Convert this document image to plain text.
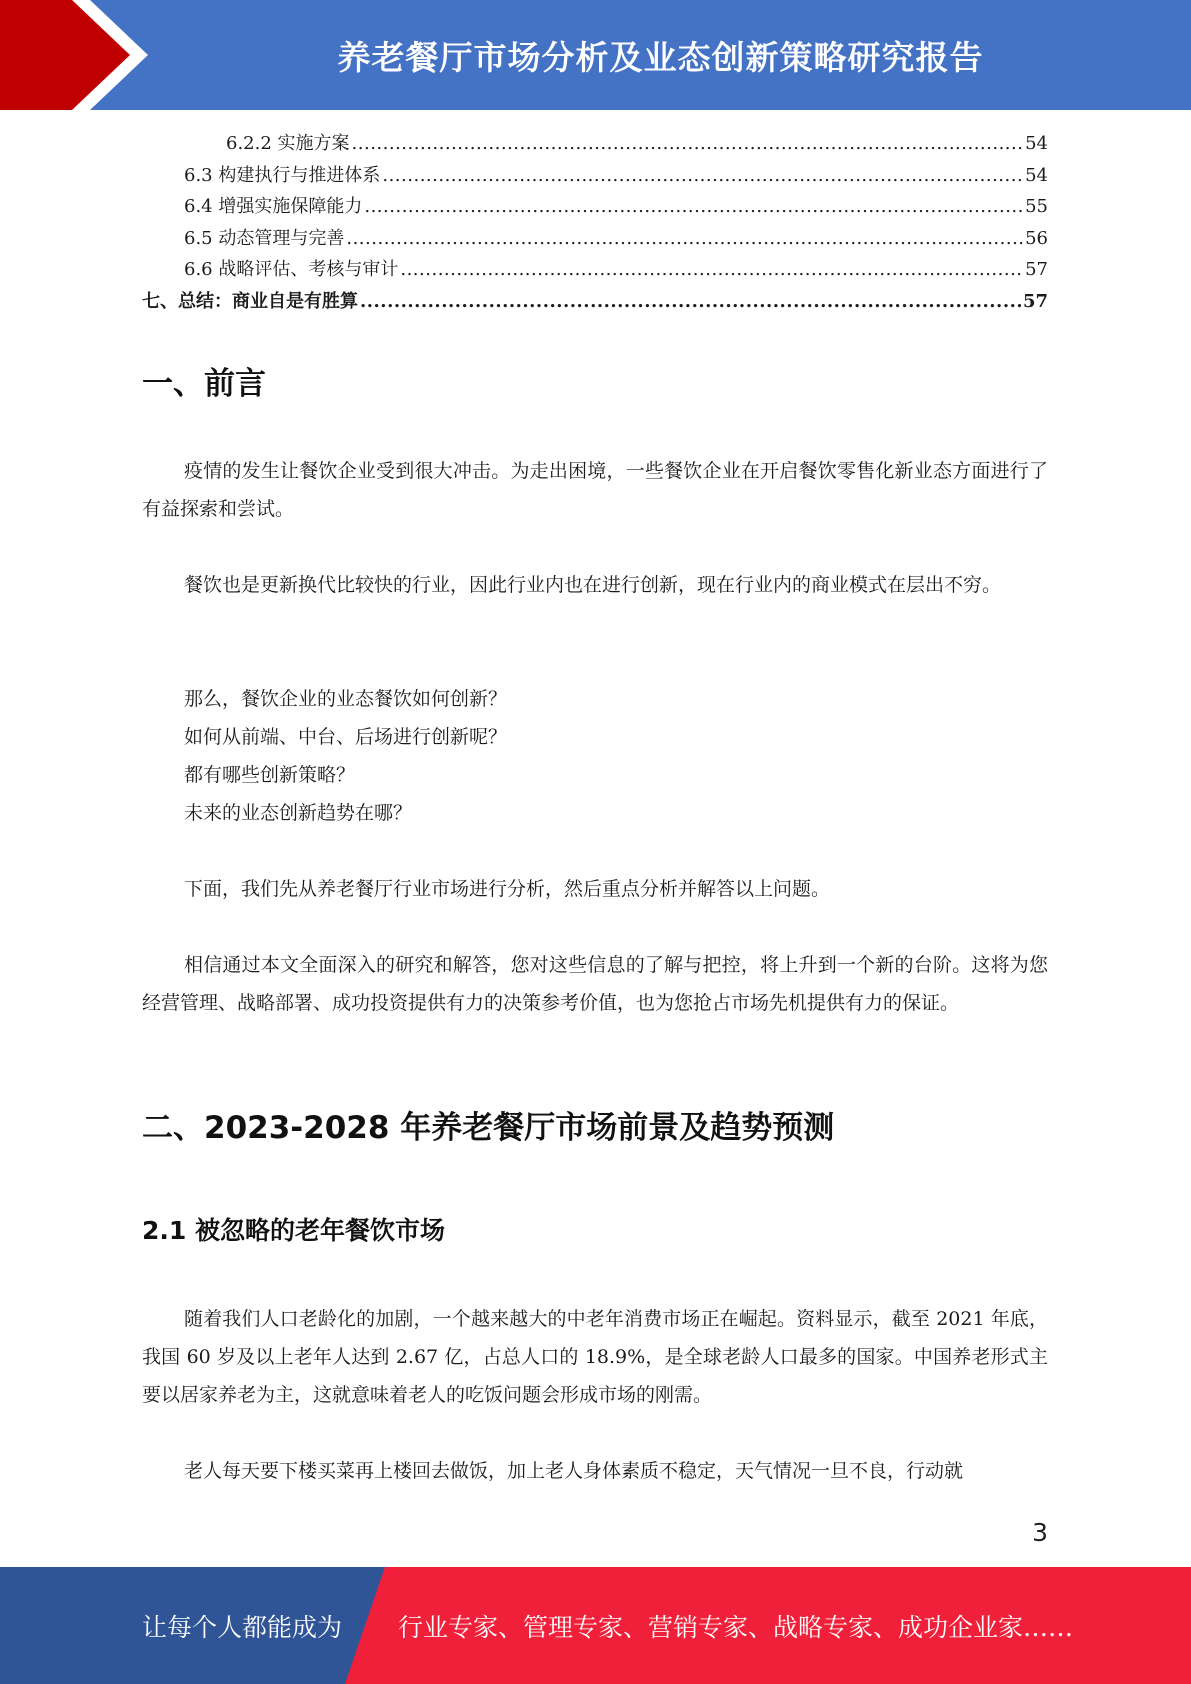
养老餐厅市场分析及业态创新策略研究报告
6.2.2 实施方案 .....	54
6.3 构建执行与推进体系 .....	54
6.4 增强实施保障能力 .....	55
6.5 动态管理与完善 .....	56
6.6 战略评估、考核与审计 .....	57
七、总结：商业自是有胜算 .....	57
一、前言

疫情的发生让餐饮企业受到很大冲击。为走出困境，一些餐饮企业在开启餐饮零售化新业态方面进行了有益探索和尝试。

餐饮也是更新换代比较快的行业，因此行业内也在进行创新，现在行业内的商业模式在层出不穷。

那么，餐饮企业的业态餐饮如何创新？
如何从前端、中台、后场进行创新呢？
都有哪些创新策略？
未来的业态创新趋势在哪？

下面，我们先从养老餐厅行业市场进行分析，然后重点分析并解答以上问题。

相信通过本文全面深入的研究和解答，您对这些信息的了解与把控，将上升到一个新的台阶。这将为您经营管理、战略部署、成功投资提供有力的决策参考价值，也为您抢占市场先机提供有力的保证。

二、2023-2028 年养老餐厅市场前景及趋势预测
2.1 被忽略的老年餐饮市场

随着我们人口老龄化的加剧，一个越来越大的中老年消费市场正在崛起。资料显示，截至 2021 年底，我国 60 岁及以上老年人达到 2.67 亿，占总人口的 18.9%，是全球老龄人口最多的国家。中国养老形式主要以居家养老为主，这就意味着老人的吃饭问题会形成市场的刚需。

老人每天要下楼买菜再上楼回去做饭，加上老人身体素质不稳定，天气情况一旦不良，行动就

3
让每个人都能成为 行业专家、管理专家、营销专家、战略专家、成功企业家……
